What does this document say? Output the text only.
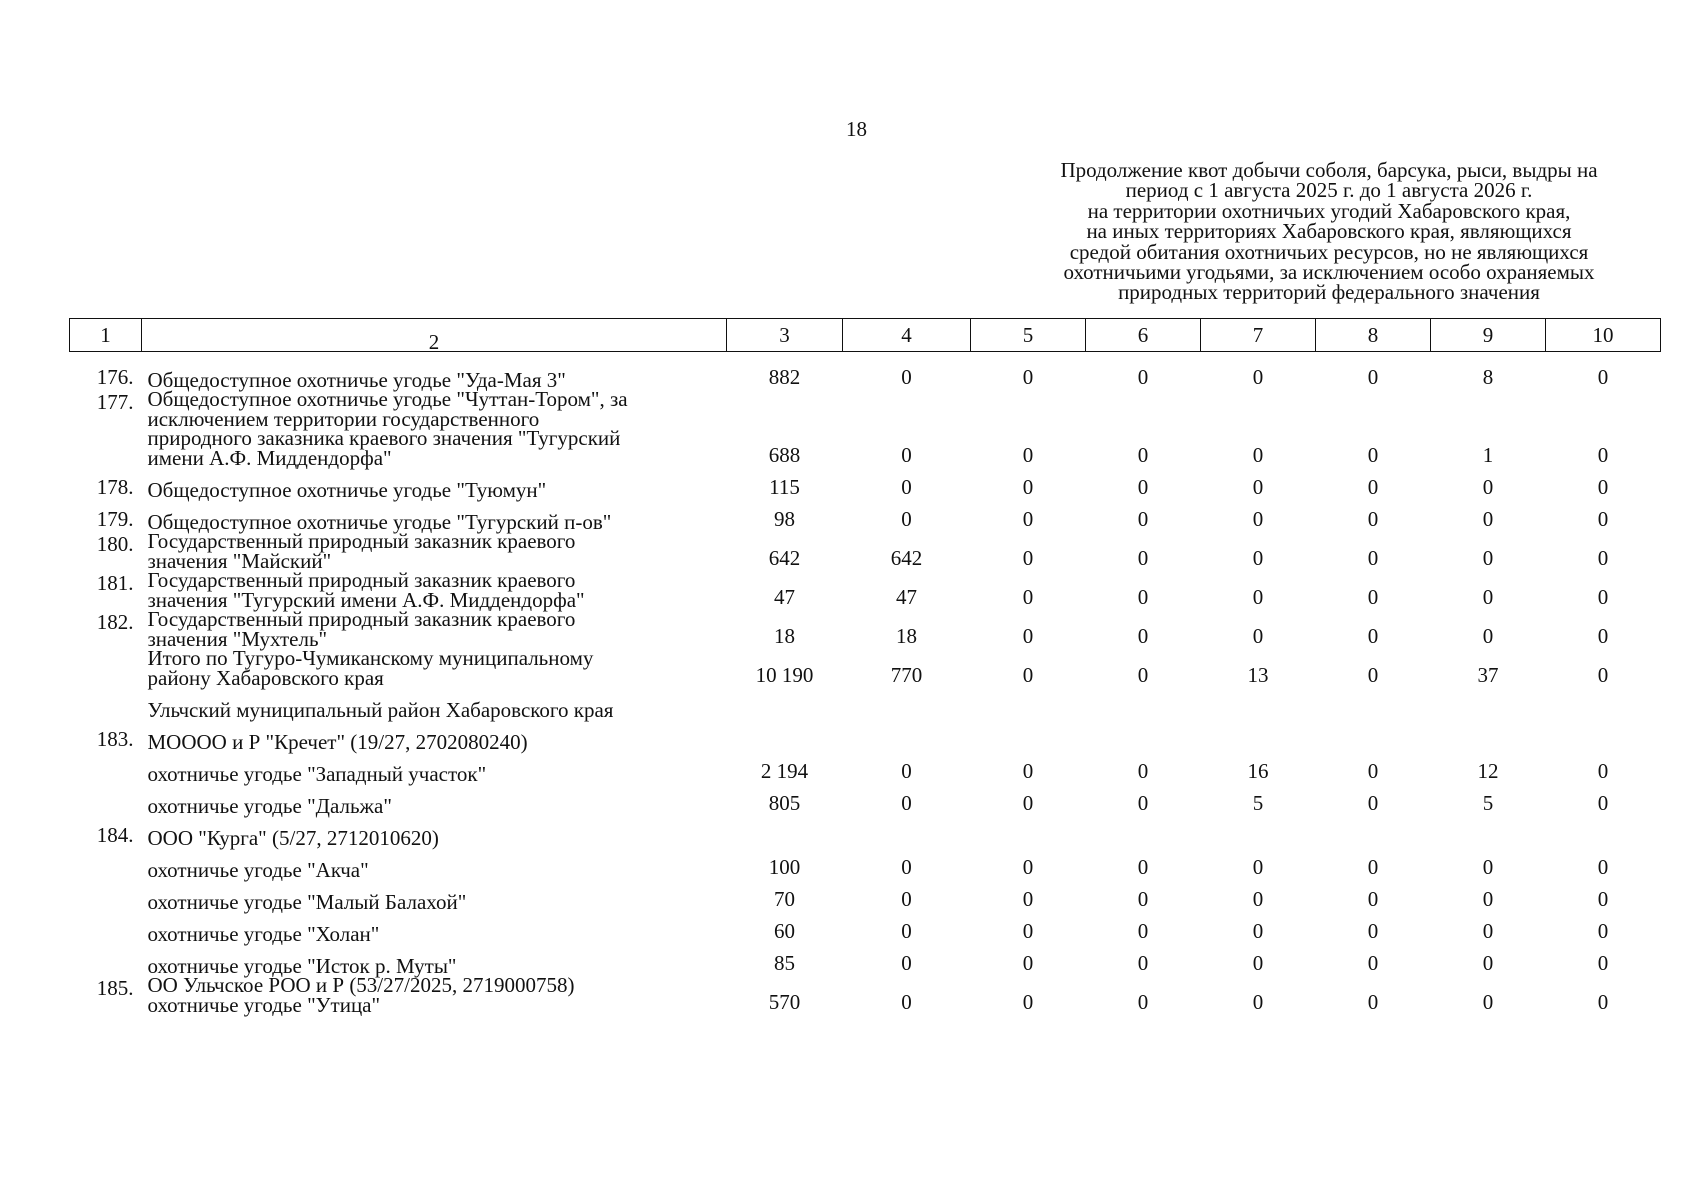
18
Продолжение квот добычи соболя, барсука, рыси, выдры на
период с 1 августа 2025 г. до 1 августа 2026 г.
на территории охотничьих угодий Хабаровского края,
на иных территориях Хабаровского края, являющихся
средой обитания охотничьих ресурсов, но не являющихся
охотничьими угодьями, за исключением особо охраняемых
природных территорий федерального значения
1	2	3	4	5	6	7	8	9	10

176.	Общедоступное охотничье угодье "Уда-Мая 3"	882	0	0	0	0	0	8	0
177.	Общедоступное охотничье угодье "Чуттан-Тором", за
исключением территории государственного
природного заказника краевого значения "Тугурский
имени А.Ф. Миддендорфа"	688	0	0	0	0	0	1	0
178.	Общедоступное охотничье угодье "Туюмун"	115	0	0	0	0	0	0	0
179.	Общедоступное охотничье угодье "Тугурский п-ов"	98	0	0	0	0	0	0	0
180.	Государственный природный заказник краевого
значения "Майский"	642	642	0	0	0	0	0	0
181.	Государственный природный заказник краевого
значения "Тугурский имени А.Ф. Миддендорфа"	47	47	0	0	0	0	0	0
182.	Государственный природный заказник краевого
значения "Мухтель"	18	18	0	0	0	0	0	0

	Итого по Тугуро-Чумиканскому муниципальному
району Хабаровского края	10 190	770	0	0	13	0	37	0

	Ульчский муниципальный район Хабаровского края								

183.	МОООО и Р "Кречет" (19/27, 2702080240)								

	охотничье угодье "Западный участок"	2 194	0	0	0	16	0	12	0

	охотничье угодье "Дальжа"	805	0	0	0	5	0	5	0
184.	ООО "Курга" (5/27, 2712010620)								

	охотничье угодье "Акча"	100	0	0	0	0	0	0	0

	охотничье угодье "Малый Балахой"	70	0	0	0	0	0	0	0

	охотничье угодье "Холан"	60	0	0	0	0	0	0	0

	охотничье угодье "Исток р. Муты"	85	0	0	0	0	0	0	0
185.	ОО Ульчское РОО и Р (53/27/2025, 2719000758)
охотничье угодье "Утица"	570	0	0	0	0	0	0	0
